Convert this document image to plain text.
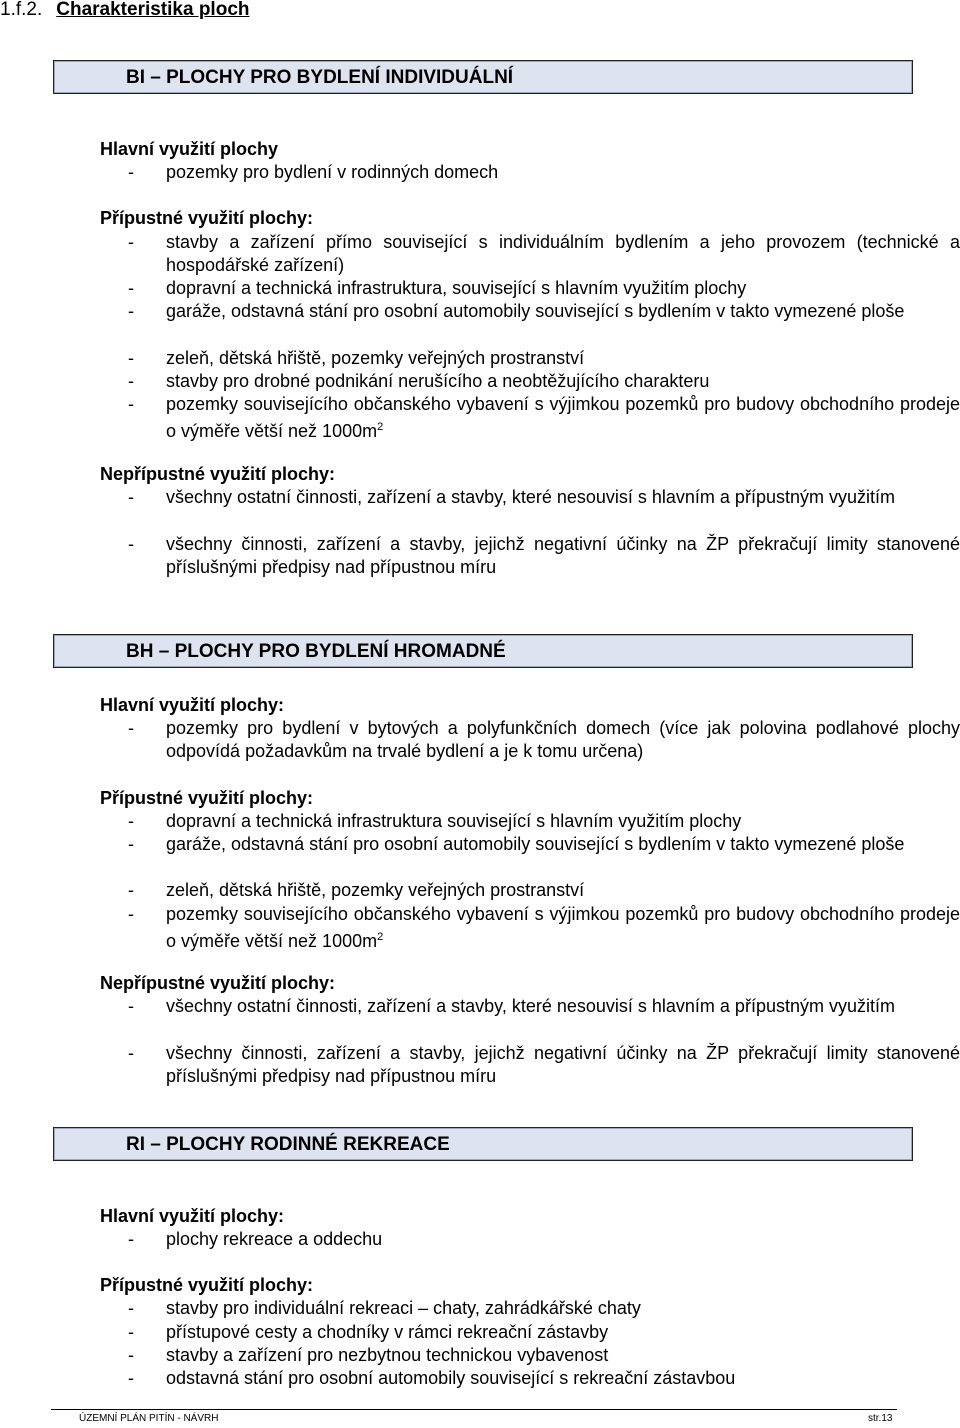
1.f.2. Charakteristika ploch
BI – PLOCHY PRO BYDLENÍ INDIVIDUÁLNÍ
Hlavní využití plochy
- pozemky pro bydlení v rodinných domech
Přípustné využití plochy:
- stavby a zařízení přímo související s individuálním bydlením a jeho provozem (technické a hospodářské zařízení)
- dopravní a technická infrastruktura, související s hlavním využitím plochy
- garáže, odstavná stání pro osobní automobily související s bydlením v takto vymezené ploše
- zeleň, dětská hřiště, pozemky veřejných prostranství
- stavby pro drobné podnikání nerušícího a neobtěžujícího charakteru
- pozemky souvisejícího občanského vybavení s výjimkou pozemků pro budovy obchodního prodeje o výměře větší než $1000m^2$
Nepřípustné využití plochy:
- všechny ostatní činnosti, zařízení a stavby, které nesouvisí s hlavním a přípustným využitím
- všechny činnosti, zařízení a stavby, jejichž negativní účinky na ŽP překračují limity stanovené příslušnými předpisy nad přípustnou míru
BH – PLOCHY PRO BYDLENÍ HROMADNÉ
Hlavní využití plochy:
- pozemky pro bydlení v bytových a polyfunkčních domech (více jak polovina podlahové plochy odpovídá požadavkům na trvalé bydlení a je k tomu určena)
Přípustné využití plochy:
- dopravní a technická infrastruktura související s hlavním využitím plochy
- garáže, odstavná stání pro osobní automobily související s bydlením v takto vymezené ploše
- zeleň, dětská hřiště, pozemky veřejných prostranství
- pozemky souvisejícího občanského vybavení s výjimkou pozemků pro budovy obchodního prodeje o výměře větší než $1000m^2$
Nepřípustné využití plochy:
- všechny ostatní činnosti, zařízení a stavby, které nesouvisí s hlavním a přípustným využitím
- všechny činnosti, zařízení a stavby, jejichž negativní účinky na ŽP překračují limity stanovené příslušnými předpisy nad přípustnou míru
RI – PLOCHY RODINNÉ REKREACE
Hlavní využití plochy:
- plochy rekreace a oddechu
Přípustné využití plochy:
- stavby pro individuální rekreaci – chaty, zahrádkářské chaty
- přístupové cesty a chodníky v rámci rekreační zástavby
- stavby a zařízení pro nezbytnou technickou vybavenost
- odstavná stání pro osobní automobily související s rekreační zástavbou
ÚZEMNÍ PLÁN PITÍN - NÁVRH	str.13
